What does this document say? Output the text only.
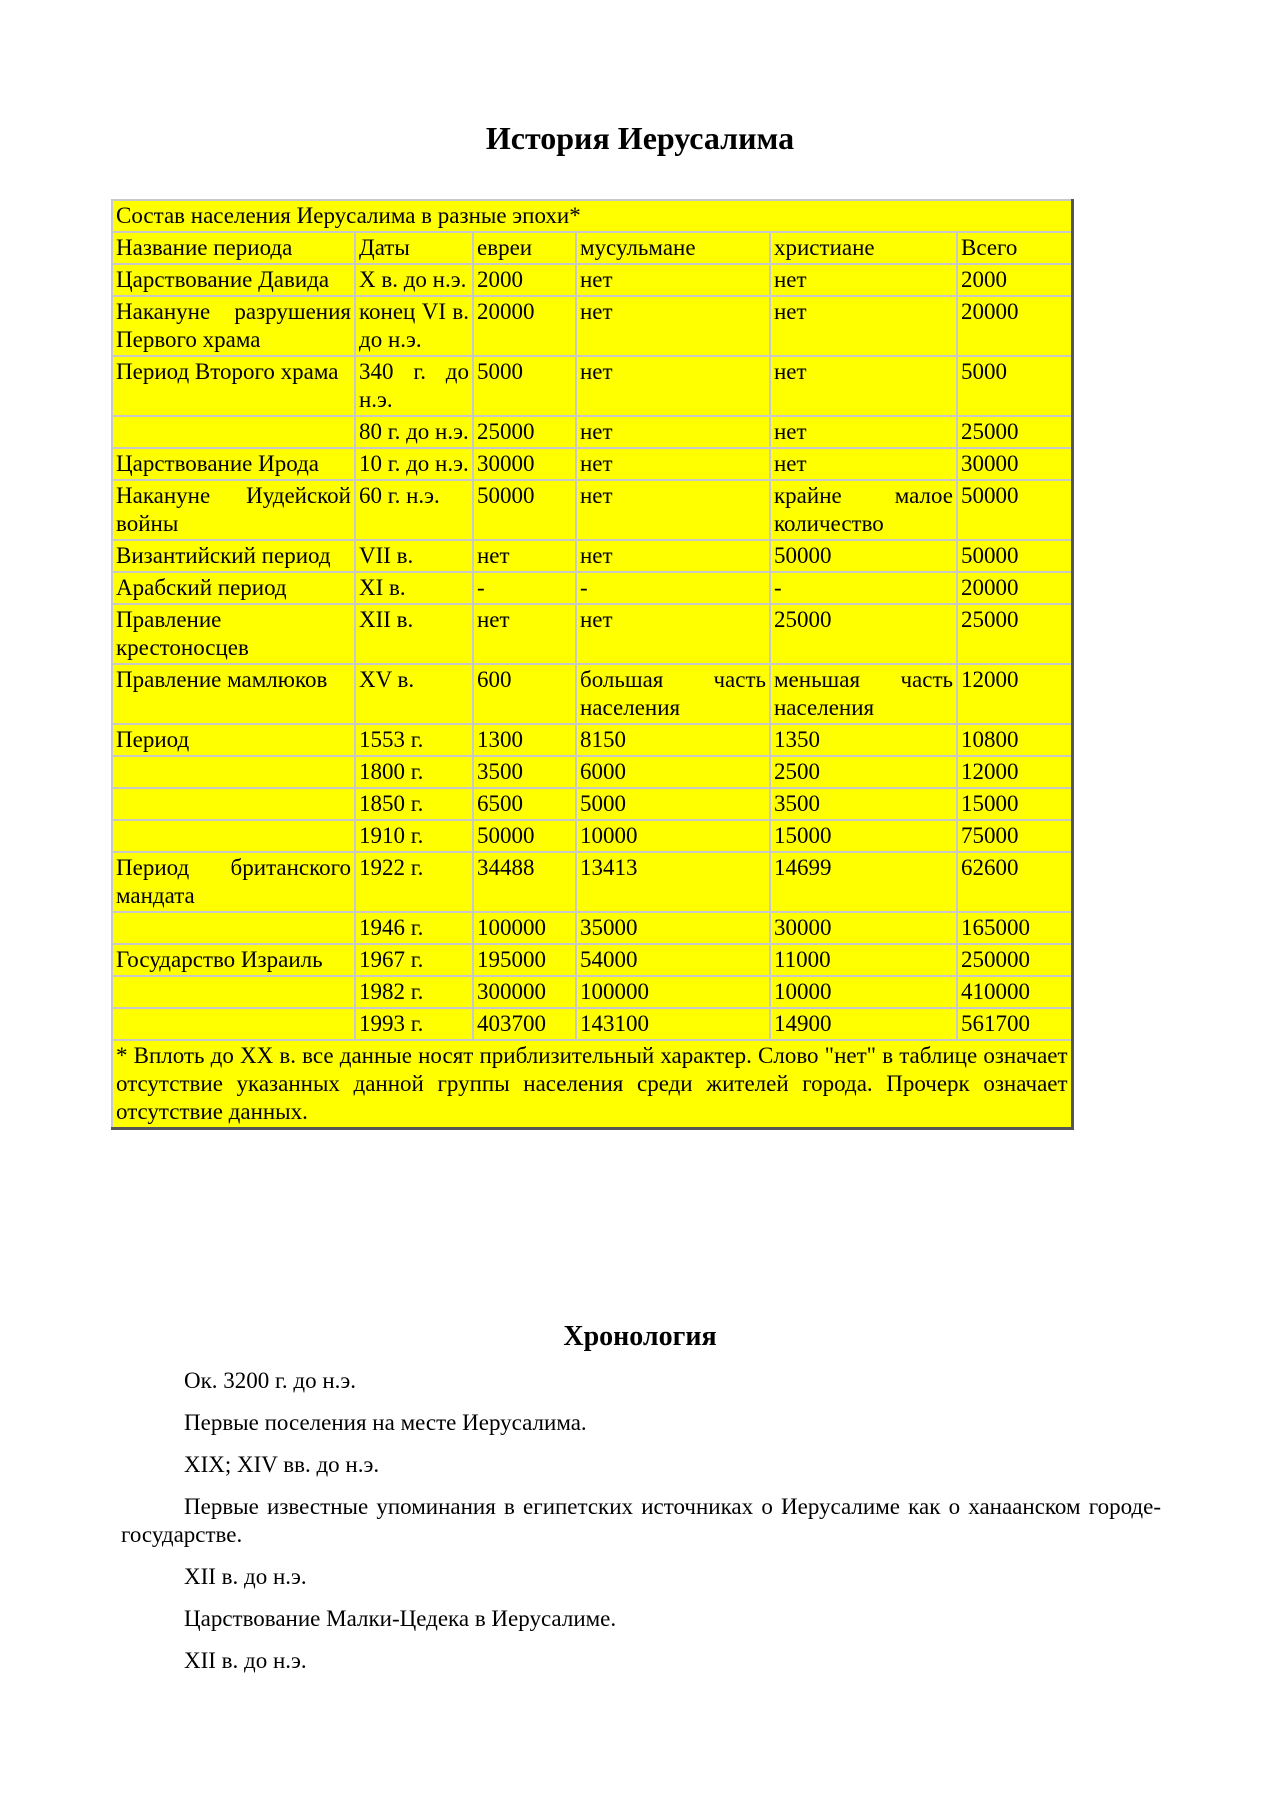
История Иерусалима
Состав населения Иерусалима в разные эпохи*					
Название периода	Даты	евреи	мусульмане	христиане	Всего
Царствование Давида	X в. до н.э.	2000	нет	нет	2000
Накануне разрушения Первого храма	конец VI в. до н.э.	20000	нет	нет	20000
Период Второго храма	340 г. до н.э.	5000	нет	нет	5000
	80 г. до н.э.	25000	нет	нет	25000
Царствование Ирода	10 г. до н.э.	30000	нет	нет	30000
Накануне Иудейской войны	60 г. н.э.	50000	нет	крайне малое количество	50000
Византийский период	VII в.	нет	нет	50000	50000
Арабский период	XI в.	-	-	-	20000
Правление крестоносцев	XII в.	нет	нет	25000	25000
Правление мамлюков	XV в.	600	большая часть населения	меньшая часть населения	12000
Период	1553 г.	1300	8150	1350	10800
	1800 г.	3500	6000	2500	12000
	1850 г.	6500	5000	3500	15000
	1910 г.	50000	10000	15000	75000
Период британского мандата	1922 г.	34488	13413	14699	62600
	1946 г.	100000	35000	30000	165000
Государство Израиль	1967 г.	195000	54000	11000	250000
	1982 г.	300000	100000	10000	410000
	1993 г.	403700	143100	14900	561700
* Вплоть до XX в. все данные носят приблизительный характер. Слово "нет" в таблице означает отсутствие указанных данной группы населения среди жителей города. Прочерк означает отсутствие данных.					
Хронология

Ок. 3200 г. до н.э.

Первые поселения на месте Иерусалима.

XIX; XIV вв. до н.э.

Первые известные упоминания в египетских источниках о Иерусалиме как о ханаанском городе-государстве.

XII в. до н.э.

Царствование Малки-Цедека в Иерусалиме.

XII в. до н.э.
